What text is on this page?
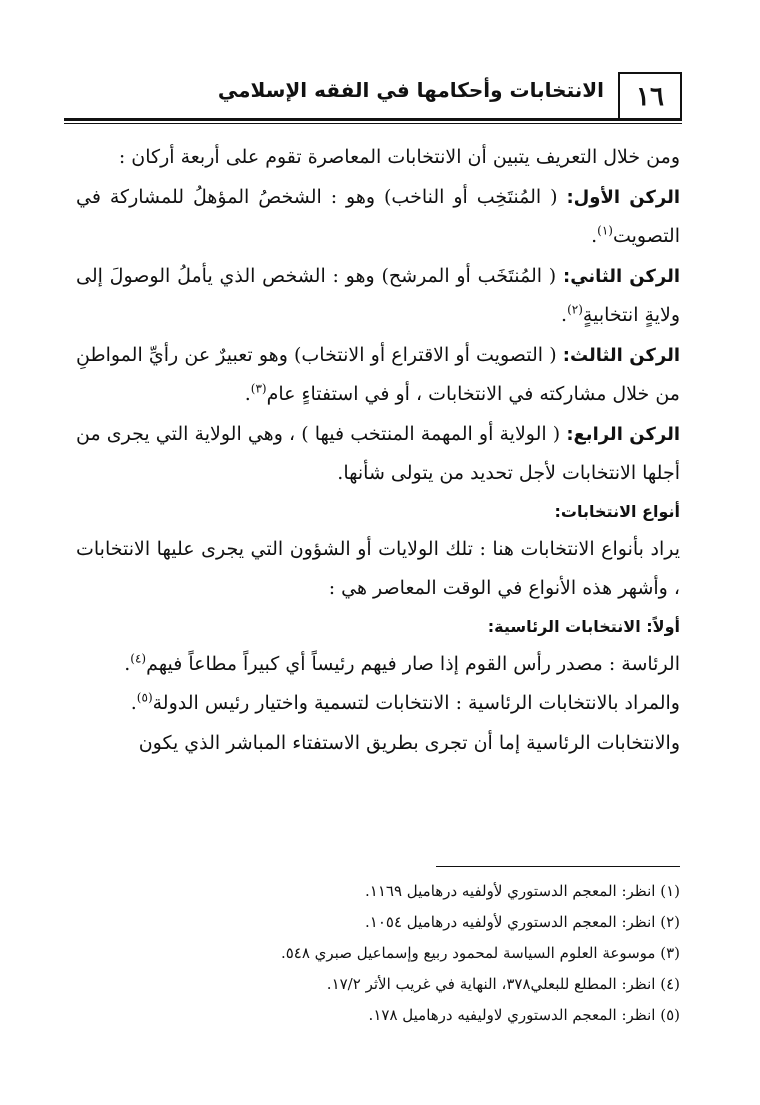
١٦
الانتخابات وأحكامها في الفقه الإسلامي

ومن خلال التعريف يتبين أن الانتخابات المعاصرة تقوم على أربعة أركان :

الركن الأول: ( المُنتَخِب أو الناخب) وهو : الشخصُ المؤهلُ للمشاركة في التصويت$^{(١)}$.

الركن الثاني: ( المُنتَخَب أو المرشح) وهو : الشخص الذي يأملُ الوصولَ إلى ولايةٍ انتخابيةٍ$^{(٢)}$.

الركن الثالث: ( التصويت أو الاقتراع أو الانتخاب) وهو تعبيرٌ عن رأيِّ المواطنِ من خلال مشاركته في الانتخابات ، أو في استفتاءٍ عام$^{(٣)}$.

الركن الرابع: ( الولاية أو المهمة المنتخب فيها ) ، وهي الولاية التي يجرى من أجلها الانتخابات لأجل تحديد من يتولى شأنها.

أنواع الانتخابات:

يراد بأنواع الانتخابات هنا : تلك الولايات أو الشؤون التي يجرى عليها الانتخابات ، وأشهر هذه الأنواع في الوقت المعاصر هي :

أولاً: الانتخابات الرئاسية:

الرئاسة : مصدر رأس القوم إذا صار فيهم رئيساً أي كبيراً مطاعاً فيهم$^{(٤)}$.

والمراد بالانتخابات الرئاسية : الانتخابات لتسمية واختيار رئيس الدولة$^{(٥)}$.

والانتخابات الرئاسية إما أن تجرى بطريق الاستفتاء المباشر الذي يكون

(١) انظر: المعجم الدستوري لأولفيه درهاميل ١١٦٩.
(٢) انظر: المعجم الدستوري لأولفيه درهاميل ١٠٥٤.
(٣) موسوعة العلوم السياسة لمحمود ربيع وإسماعيل صبري ٥٤٨.
(٤) انظر: المطلع للبعلي٣٧٨، النهاية في غريب الأثر ١٧/٢.
(٥) انظر: المعجم الدستوري لاوليفيه درهاميل ١٧٨.
